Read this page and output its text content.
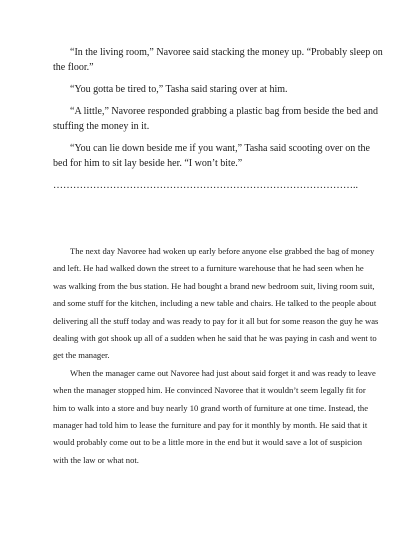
“In the living room,” Navoree said stacking the money up. “Probably sleep on the floor.”

“You gotta be tired to,” Tasha said staring over at him.

“A little,” Navoree responded grabbing a plastic bag from beside the bed and stuffing the money in it.

“You can lie down beside me if you want,” Tasha said scooting over on the bed for him to sit lay beside her. “I won’t bite.”

………………………………………………………………………………..

The next day Navoree had woken up early before anyone else grabbed the bag of money and left. He had walked down the street to a furniture warehouse that he had seen when he was walking from the bus station. He had bought a brand new bedroom suit, living room suit, and some stuff for the kitchen, including a new table and chairs. He talked to the people about delivering all the stuff today and was ready to pay for it all but for some reason the guy he was dealing with got shook up all of a sudden when he said that he was paying in cash and went to get the manager.

When the manager came out Navoree had just about said forget it and was ready to leave when the manager stopped him. He convinced Navoree that it wouldn’t seem legally fit for him to walk into a store and buy nearly 10 grand worth of furniture at one time. Instead, the manager had told him to lease the furniture and pay for it monthly by month. He said that it would probably come out to be a little more in the end but it would save a lot of suspicion with the law or what not.
